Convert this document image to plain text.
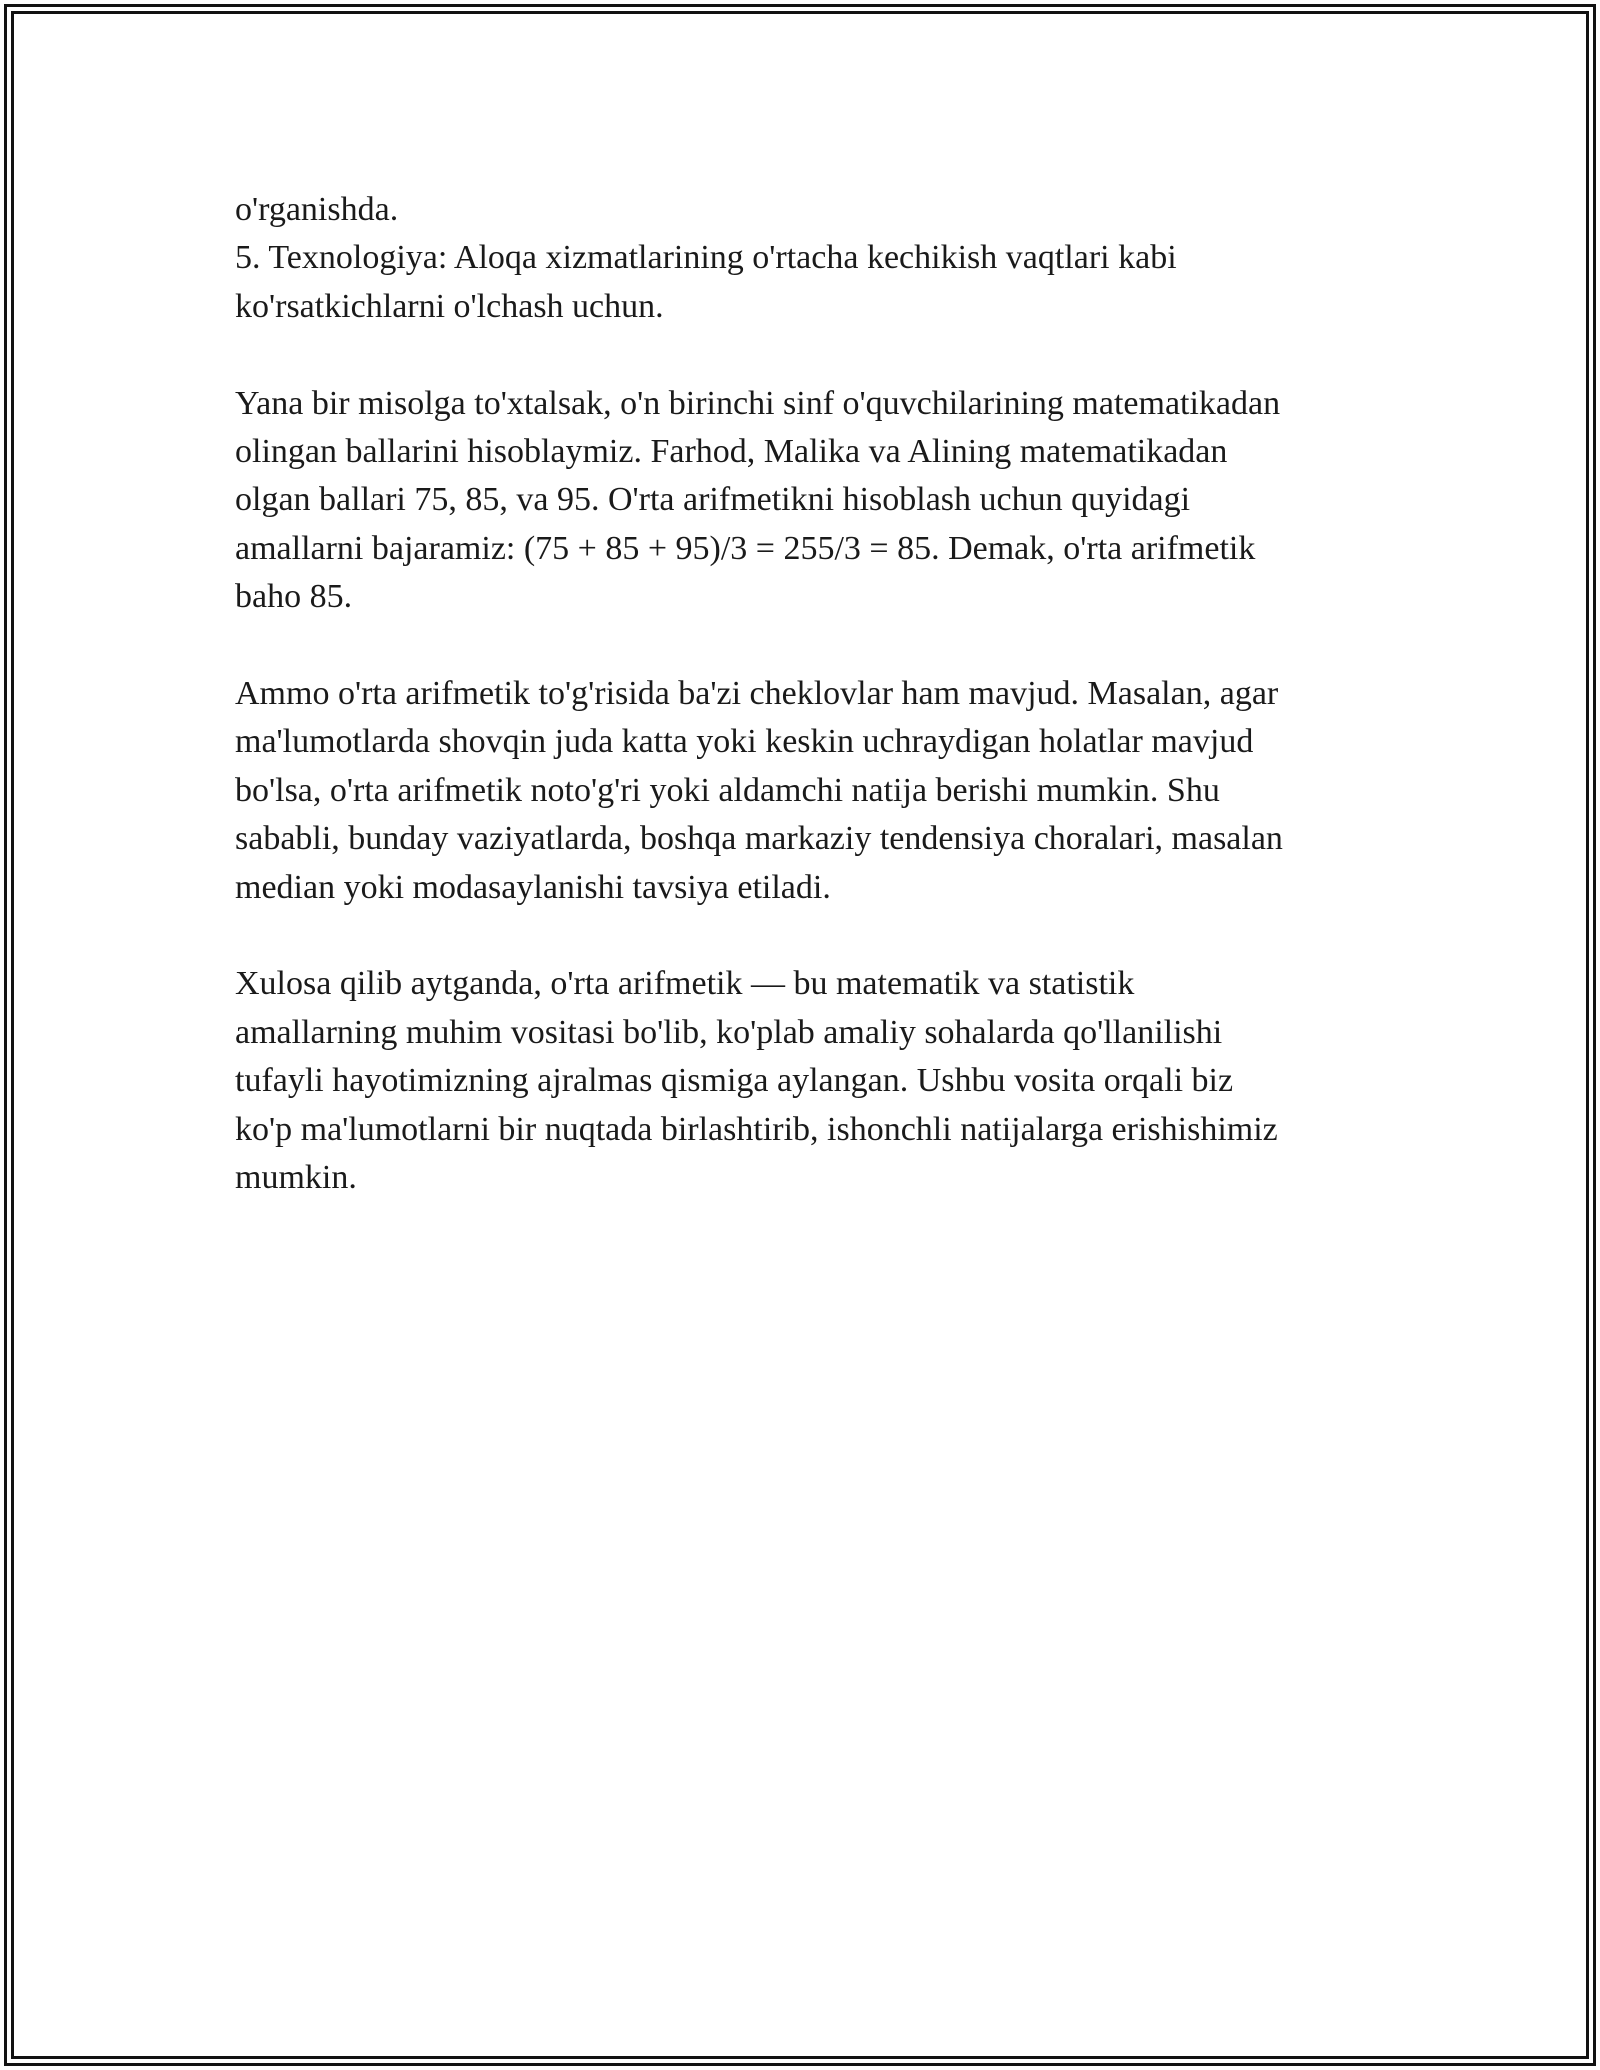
o'rganishda.
5. Texnologiya: Aloqa xizmatlarining o'rtacha kechikish vaqtlari kabi
ko'rsatkichlarni o'lchash uchun.

Yana bir misolga to'xtalsak, o'n birinchi sinf o'quvchilarining matematikadan
olingan ballarini hisoblaymiz. Farhod, Malika va Alining matematikadan
olgan ballari 75, 85, va 95. O'rta arifmetikni hisoblash uchun quyidagi
amallarni bajaramiz: (75 + 85 + 95)/3 = 255/3 = 85. Demak, o'rta arifmetik
baho 85.

Ammo o'rta arifmetik to'g'risida ba'zi cheklovlar ham mavjud. Masalan, agar
ma'lumotlarda shovqin juda katta yoki keskin uchraydigan holatlar mavjud
bo'lsa, o'rta arifmetik noto'g'ri yoki aldamchi natija berishi mumkin. Shu
sababli, bunday vaziyatlarda, boshqa markaziy tendensiya choralari, masalan
median yoki modasaylanishi tavsiya etiladi.

Xulosa qilib aytganda, o'rta arifmetik — bu matematik va statistik
amallarning muhim vositasi bo'lib, ko'plab amaliy sohalarda qo'llanilishi
tufayli hayotimizning ajralmas qismiga aylangan. Ushbu vosita orqali biz
ko'p ma'lumotlarni bir nuqtada birlashtirib, ishonchli natijalarga erishishimiz
mumkin.
